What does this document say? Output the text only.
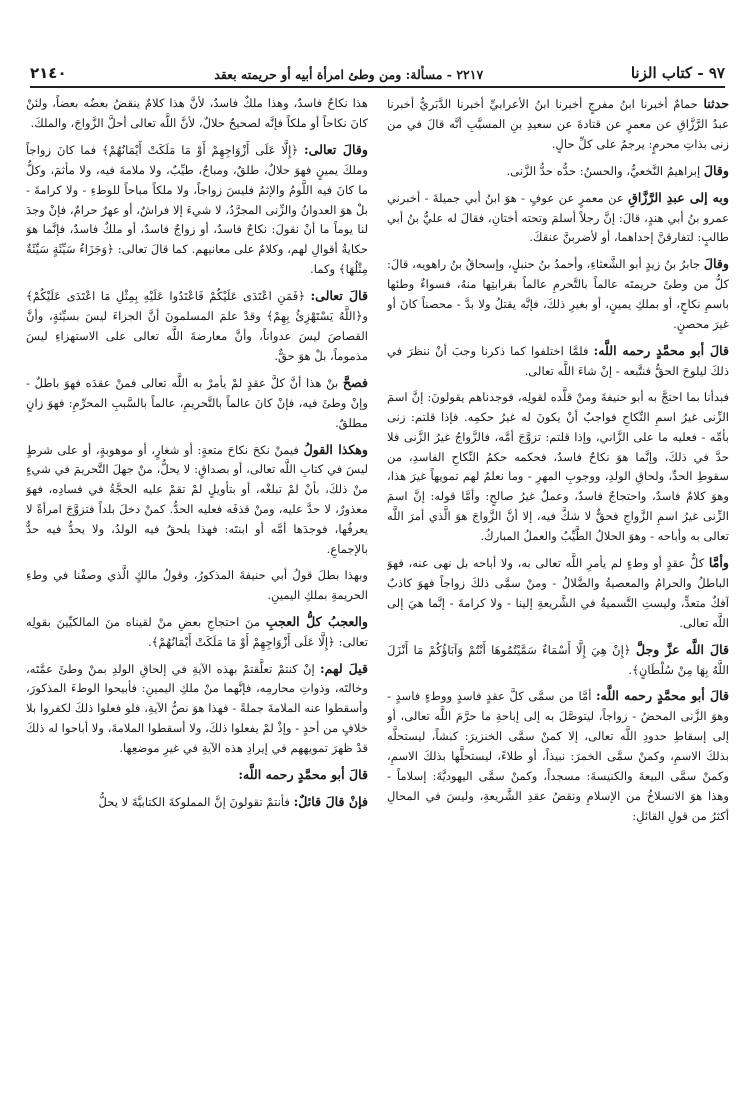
٩٧ - كتاب الزنا
٢٢١٧ - مسألة: ومن وطئ امرأة أبيه أو حريمته بعقد
٢١٤٠

حدثنا حمامٌ أخبرنا ابنُ مفرجٍ أخبرنا ابنُ الأعرابيِّ أخبرنا الدَّبَريُّ أخبرنا عبدُ الرَّزَّاقِ عن معمرٍ عن قتادةَ عن سعيدِ بنِ المسيَّبِ أنَّه قالَ في من زنى بذاتِ محرمٍ: يرجمُ على كلِّ حالٍ.

وقالَ إبراهيمُ النَّخعيُّ، والحسنُ: حدُّه حدُّ الزَّنى.

وبه إلى عبدِ الرَّزَّاقِ عن معمرٍ عن عوفٍ - هوَ ابنُ أبي جميلةَ - أخبرني عمرو بنُ أبي هندٍ، قالَ: إنَّ رجلاً أسلمَ وتحته أختانِ، فقالَ له عليُّ بنُ أبي طالبٍ: لتفارقنَّ إحداهما، أو لأضربنَّ عنقكَ.

وقالَ جابرُ بنُ زيدٍ أبو الشَّعثاءِ، وأحمدُ بنُ حنبلٍ، وإسحاقُ بنُ راهويه، قالَ: كلُّ من وطئَ حريمتَه عالماً بالتَّحرمِ عالماً بقرابتِها منهُ، فسواءٌ وطئها باسمِ نكاحٍ، أو بملكِ يمينٍ، أو بغيرِ ذلكَ، فإنَّه يقتلُ ولا بدَّ - محصناً كانَ أو غيرَ محصنٍ.

قالَ أبو محمَّدٍ رحمه اللَّه: فلمَّا اختلفوا كما ذكرنا وجبَ أنْ ننظرَ في ذلكَ ليلوحَ الحقُّ فنتَّبعه - إنْ شاءَ اللَّه تعالى.

فبدأنا بما احتجَّ به أبو حنيفةَ ومنْ قلَّده لقولِه، فوجدناهم يقولونَ: إنَّ اسمَ الزِّنى غيرُ اسمِ النِّكاحِ فواجبٌ أنْ يكونَ له غيرُ حكمِه. فإذا قلتم: زنى بأمِّه - فعليه ما على الزَّاني، وإذا قلتم: تزوَّجَ أمَّه، فالزَّواجُ غيرُ الزَّنى فلا حدَّ في ذلكَ، وإنَّما هوَ نكاحٌ فاسدٌ، فحكمه حكمُ النِّكاحِ الفاسدِ، من سقوطِ الحدِّ، ولحاقِ الولدِ، ووجوبِ المهرِ - وما نعلمُ لهم تمويهاً غيرَ هذا، وهوَ كلامٌ فاسدٌ، واحتجاجٌ فاسدٌ، وعملٌ غيرُ صالحٍ: وأمَّا قوله: إنَّ اسمَ الزِّنى غيرُ اسمِ الزَّواجِ فحقٌّ لا شكَّ فيه، إلا أنَّ الزَّواجَ هوَ الَّذي أمرَ اللَّه تعالى به وأباحه - وهوَ الحلالُ الطَّيِّبُ والعملُ المباركُ.

وأمَّا كلُّ عقدٍ أو وطءٍ لم يأمرِ اللَّه تعالى به، ولا أباحه بل نهى عنه، فهوَ الباطلُ والحرامُ والمعصيةُ والضَّلالُ - ومنْ سمَّى ذلكَ زواجاً فهوَ كاذبٌ آفكٌ متعدٍّ، وليستِ التَّسميةُ في الشَّريعةِ إلينا - ولا كرامةَ - إنَّما هيَ إلى اللَّه تعالى.

قالَ اللَّه عزَّ وجلَّ ﴿إِنْ هِيَ إِلَّا أَسْمَاءٌ سَمَّيْتُمُوهَا أَنْتُمْ وَآبَاؤُكُمْ مَا أَنْزَلَ اللَّهُ بِهَا مِنْ سُلْطَانٍ﴾.

قالَ أبو محمَّدٍ رحمه اللَّه: أمَّا من سمَّى كلَّ عقدٍ فاسدٍ ووطءٍ فاسدٍ - وهوَ الزَّنى المحضُ - زواجاً، ليتوصَّلَ به إلى إباحةِ ما حرَّمَ اللَّه تعالى، أو إلى إسقاطِ حدودِ اللَّه تعالى، إلا كمنْ سمَّى الخنزيرَ: كبشاً، ليستحلَّه بذلكَ الاسمِ، وكمنْ سمَّى الخمرَ: نبيذاً، أو طلاءً، ليستحلَّها بذلكَ الاسمِ، وكمنْ سمَّى البيعةَ والكنيسةَ: مسجداً، وكمنْ سمَّى اليهوديَّةَ: إسلاماً - وهذا هوَ الانسلاخُ من الإسلامِ ونقضُ عقدِ الشَّريعةِ، وليسَ في المحالِ أكثرُ من قولِ القائلِ:

هذا نكاحٌ فاسدٌ، وهذا ملكٌ فاسدٌ، لأنَّ هذا كلامٌ ينقضُ بعضُه بعضاً، ولئنْ كانَ نكاحاً أو ملكاً فإنَّه لصحيحٌ حلالٌ، لأنَّ اللَّه تعالى أحلَّ الزَّواجَ، والملكَ.

وقالَ تعالى: ﴿إِلَّا عَلَى أَزْوَاجِهِمْ أَوْ مَا مَلَكَتْ أَيْمَانُهُمْ﴾ فما كانَ زواجاً وملكَ يمينٍ فهوَ حلالٌ، طلقٌ، ومباحٌ، طيِّبٌ، ولا ملامةَ فيه، ولا مأثمَ، وكلُّ ما كانَ فيه اللَّومُ والإثمُ فليسَ زواجاً، ولا ملكاً مباحاً للوطءِ - ولا كرامةَ - بلْ هوَ العدوانُ والزِّنى المجرَّدُ، لا شيءَ إلا فراشٌ، أو عهرٌ حرامٌ، فإنْ وجدَ لنا يوماً ما أنْ نقولَ: نكاحٌ فاسدٌ، أو زواجٌ فاسدٌ، أو ملكٌ فاسدٌ، فإنَّما هوَ حكايةُ أقوالِ لهم، وكلامٌ على معانيهم. كما قالَ تعالى: ﴿وَجَزَاءُ سَيِّئَةٍ سَيِّئَةٌ مِثْلُهَا﴾ وكما.

قالَ تعالى: ﴿فَمَنِ اعْتَدَى عَلَيْكُمْ فَاعْتَدُوا عَلَيْهِ بِمِثْلِ مَا اعْتَدَى عَلَيْكُمْ﴾ و﴿اللَّهُ يَسْتَهْزِئُ بِهِمْ﴾ وقدْ علمَ المسلمونَ أنَّ الجزاءَ ليسَ بسيِّئةٍ، وأنَّ القصاصَ ليسَ عدواناً، وأنَّ معارضةَ اللَّه تعالى على الاستهزاءِ ليسَ مذموماً، بلْ هوَ حقٌّ.

فصحَّ بنْ هذا أنَّ كلَّ عقدٍ لمْ يأمرْ به اللَّه تعالى فمنْ عقدَه فهوَ باطلٌ - وإنْ وطئَ فيه، فإنْ كانَ عالماً بالتَّحريمِ، عالماً بالسَّببِ المحرِّمِ: فهوَ زانٍ مطلقٌ.

وهكذا القولُ فيمنْ نكحَ نكاحَ متعةٍ: أو شغارٍ، أو موهوبةٍ، أو على شرطٍ ليسَ في كتابِ اللَّه تعالى، أو بصداقٍ: لا يحلُّ، منْ جهلَ التَّحريمَ في شيءٍ منْ ذلكَ، بأنْ لمْ تبلغْه، أو بتأويلٍ لمْ تقمْ عليه الحجَّةُ في فسادِه، فهوَ معذورٌ، لا حدَّ عليه، ومنْ قذفَه فعليه الحدُّ. كمنْ دخلَ بلداً فتزوَّجَ امرأةً لا يعرفُها، فوجدَها أمَّه أو ابنتَه: فهذا يلحقُ فيه الولدُ، ولا يحدُّ فيه حدٌّ بالإجماعِ.

وبهذا بطلَ قولُ أبي حنيفةَ المذكورُ، وقولُ مالكٍ الَّذي وصفْنا في وطءِ الحريمةِ بملكِ اليمينِ.

والعجبُ كلُّ العجبِ منَ احتجاجِ بعضِ منْ لقيناه منَ المالكيِّينَ بقولِه تعالى: ﴿إِلَّا عَلَى أَزْوَاجِهِمْ أَوْ مَا مَلَكَتْ أَيْمَانُهُمْ﴾.

قيلَ لهم: إنْ كنتمْ تعلَّقتمْ بهذه الآيةِ في إلحاقِ الولدِ بمنْ وطئَ عمَّتَه، وخالتَه، وذواتِ محارمِه، فإنَّهما منْ ملكِ اليمينِ: فأبيحوا الوطءَ المذكورَ، وأسقطوا عنه الملامةَ جملةً - فهذا هوَ نصُّ الآيةِ، فلو فعلوا ذلكَ لكفروا بلا خلافٍ من أحدٍ - وإذْ لمْ يفعلوا ذلكَ، ولا أسقطوا الملامةَ، ولا أباحوا له ذلكَ قدْ ظهرَ تمويههم في إيرادِ هذه الآيةِ في غيرِ موضعِها.

قالَ أبو محمَّدٍ رحمه اللَّه:

فإنْ قالَ قائلٌ: فأنتمْ تقولونَ إنَّ المملوكةَ الكتابيَّةَ لا يحلُّ
